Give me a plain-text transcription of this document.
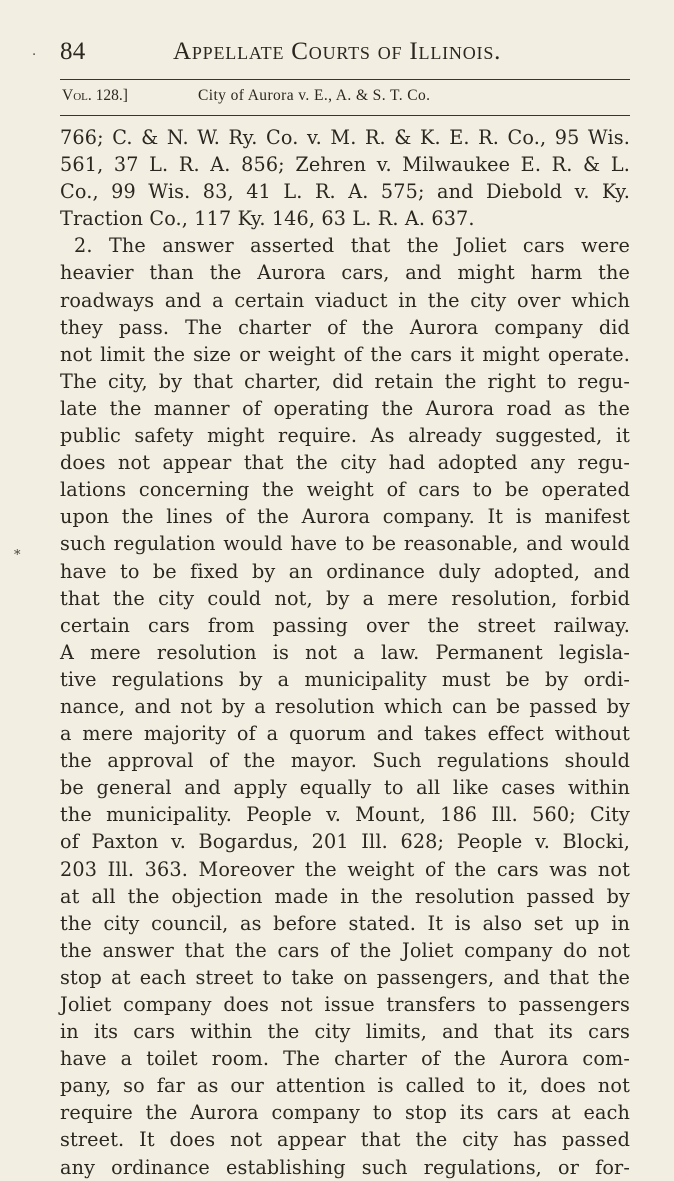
.
*
84	Appellate Courts of Illinois.
Vol. 128.]	City of Aurora v. E., A. & S. T. Co.
766; C. & N. W. Ry. Co. v. M. R. & K. E. R. Co., 95 Wis.
561, 37 L. R. A. 856; Zehren v. Milwaukee E. R. & L.
Co., 99 Wis. 83, 41 L. R. A. 575; and Diebold v. Ky.
Traction Co., 117 Ky. 146, 63 L. R. A. 637.
2. The answer asserted that the Joliet cars were
heavier than the Aurora cars, and might harm the
roadways and a certain viaduct in the city over which
they pass. The charter of the Aurora company did
not limit the size or weight of the cars it might operate.
The city, by that charter, did retain the right to regu-
late the manner of operating the Aurora road as the
public safety might require. As already suggested, it
does not appear that the city had adopted any regu-
lations concerning the weight of cars to be operated
upon the lines of the Aurora company. It is manifest
such regulation would have to be reasonable, and would
have to be fixed by an ordinance duly adopted, and
that the city could not, by a mere resolution, forbid
certain cars from passing over the street railway.
A mere resolution is not a law. Permanent legisla-
tive regulations by a municipality must be by ordi-
nance, and not by a resolution which can be passed by
a mere majority of a quorum and takes effect without
the approval of the mayor. Such regulations should
be general and apply equally to all like cases within
the municipality. People v. Mount, 186 Ill. 560; City
of Paxton v. Bogardus, 201 Ill. 628; People v. Blocki,
203 Ill. 363. Moreover the weight of the cars was not
at all the objection made in the resolution passed by
the city council, as before stated. It is also set up in
the answer that the cars of the Joliet company do not
stop at each street to take on passengers, and that the
Joliet company does not issue transfers to passengers
in its cars within the city limits, and that its cars
have a toilet room. The charter of the Aurora com-
pany, so far as our attention is called to it, does not
require the Aurora company to stop its cars at each
street. It does not appear that the city has passed
any ordinance establishing such regulations, or for-
